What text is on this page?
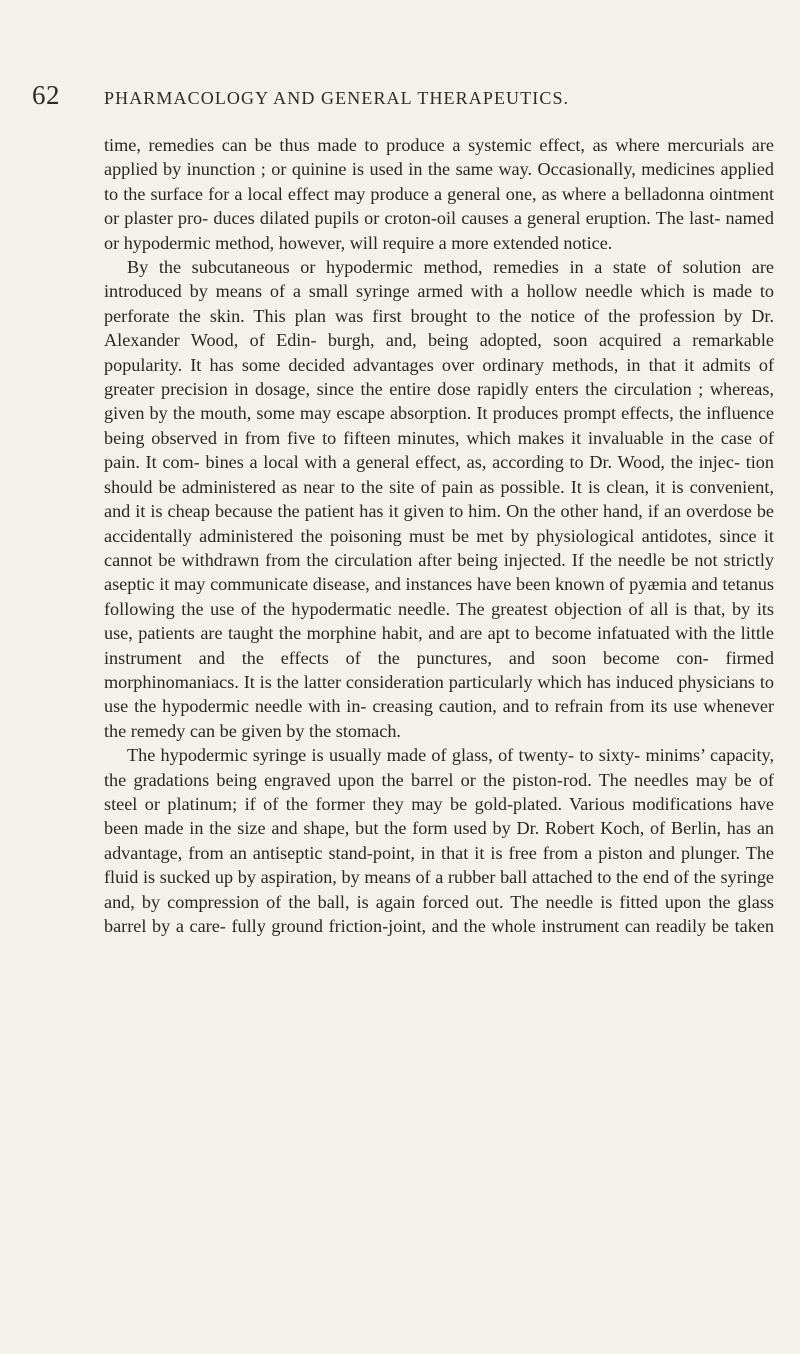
62 PHARMACOLOGY AND GENERAL THERAPEUTICS.

time, remedies can be thus made to produce a systemic effect, as where mercurials are applied by inunction ; or quinine is used in the same way. Occasionally, medicines applied to the surface for a local effect may produce a general one, as where a belladonna ointment or plaster pro- duces dilated pupils or croton-oil causes a general eruption. The last- named or hypodermic method, however, will require a more extended notice.

By the subcutaneous or hypodermic method, remedies in a state of solution are introduced by means of a small syringe armed with a hollow needle which is made to perforate the skin. This plan was first brought to the notice of the profession by Dr. Alexander Wood, of Edin- burgh, and, being adopted, soon acquired a remarkable popularity. It has some decided advantages over ordinary methods, in that it admits of greater precision in dosage, since the entire dose rapidly enters the circulation ; whereas, given by the mouth, some may escape absorption. It produces prompt effects, the influence being observed in from five to fifteen minutes, which makes it invaluable in the case of pain. It com- bines a local with a general effect, as, according to Dr. Wood, the injec- tion should be administered as near to the site of pain as possible. It is clean, it is convenient, and it is cheap because the patient has it given to him. On the other hand, if an overdose be accidentally administered the poisoning must be met by physiological antidotes, since it cannot be withdrawn from the circulation after being injected. If the needle be not strictly aseptic it may communicate disease, and instances have been known of pyæmia and tetanus following the use of the hypodermatic needle. The greatest objection of all is that, by its use, patients are taught the morphine habit, and are apt to become infatuated with the little instrument and the effects of the punctures, and soon become con- firmed morphinomaniacs. It is the latter consideration particularly which has induced physicians to use the hypodermic needle with in- creasing caution, and to refrain from its use whenever the remedy can be given by the stomach.

The hypodermic syringe is usually made of glass, of twenty- to sixty- minims’ capacity, the gradations being engraved upon the barrel or the piston-rod. The needles may be of steel or platinum; if of the former they may be gold-plated. Various modifications have been made in the size and shape, but the form used by Dr. Robert Koch, of Berlin, has an advantage, from an antiseptic stand-point, in that it is free from a piston and plunger. The fluid is sucked up by aspiration, by means of a rubber ball attached to the end of the syringe and, by compression of the ball, is again forced out. The needle is fitted upon the glass barrel by a care- fully ground friction-joint, and the whole instrument can readily be taken
